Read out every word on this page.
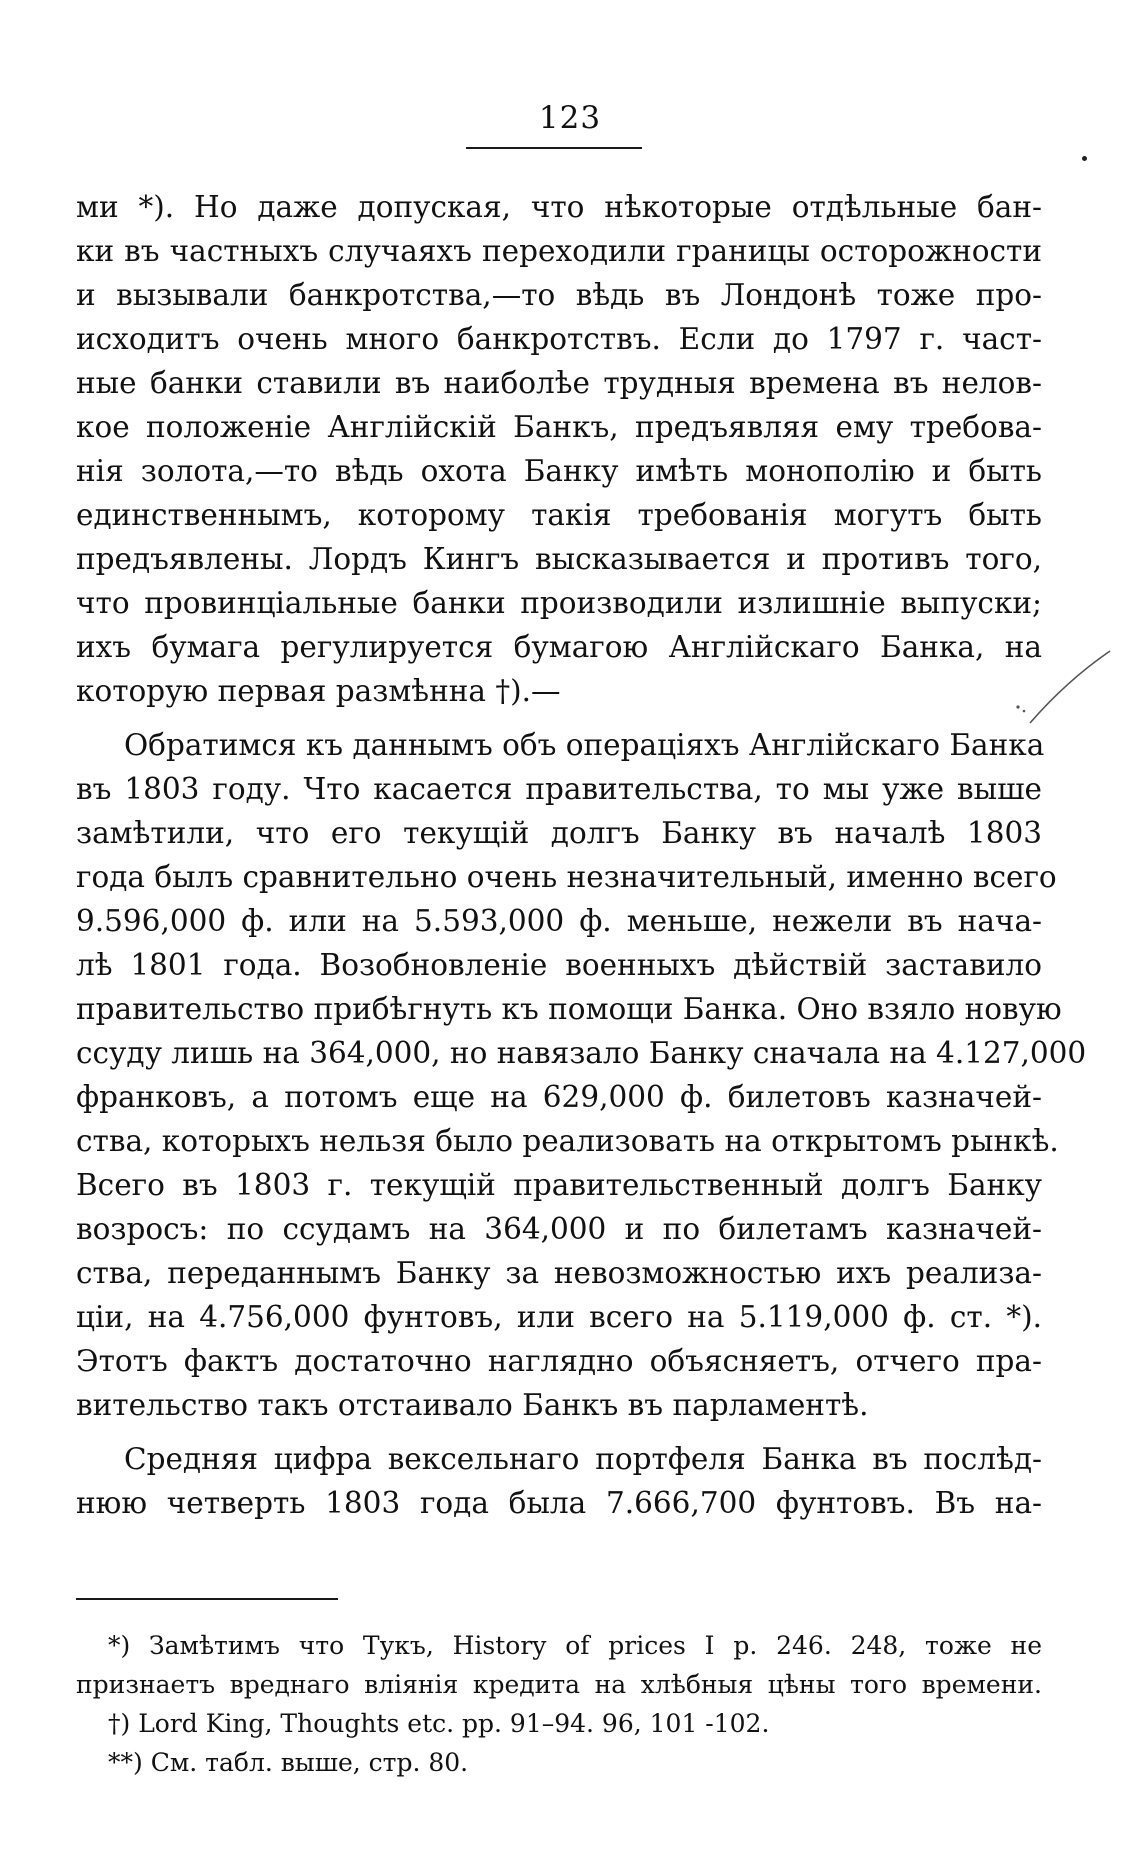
123
ми *). Но даже допуская, что нѣкоторые отдѣльные бан-
ки въ частныхъ случаяхъ переходили границы осторожности
и вызывали банкротства,—то вѣдь въ Лондонѣ тоже про-
исходитъ очень много банкротствъ. Если до 1797 г. част-
ные банки ставили въ наиболѣе трудныя времена въ нелов-
кое положеніе Англійскій Банкъ, предъявляя ему требова-
нія золота,—то вѣдь охота Банку имѣть монополію и быть
единственнымъ, которому такія требованія могутъ быть
предъявлены. Лордъ Кингъ высказывается и противъ того,
что провинціальные банки производили излишніе выпуски;
ихъ бумага регулируется бумагою Англійскаго Банка, на
которую первая размѣнна †).—
Обратимся къ даннымъ объ операціяхъ Англійскаго Банка
въ 1803 году. Что касается правительства, то мы уже выше
замѣтили, что его текущій долгъ Банку въ началѣ 1803
года былъ сравнительно очень незначительный, именно всего
9.596,000 ф. или на 5.593,000 ф. меньше, нежели въ нача-
лѣ 1801 года. Возобновленіе военныхъ дѣйствій заставило
правительство прибѣгнуть къ помощи Банка. Оно взяло новую
ссуду лишь на 364,000, но навязало Банку сначала на 4.127,000
франковъ, а потомъ еще на 629,000 ф. билетовъ казначей-
ства, которыхъ нельзя было реализовать на открытомъ рынкѣ.
Всего въ 1803 г. текущій правительственный долгъ Банку
возросъ: по ссудамъ на 364,000 и по билетамъ казначей-
ства, переданнымъ Банку за невозможностью ихъ реализа-
ціи, на 4.756,000 фунтовъ, или всего на 5.119,000 ф. ст. *).
Этотъ фактъ достаточно наглядно объясняетъ, отчего пра-
вительство такъ отстаивало Банкъ въ парламентѣ.
Средняя цифра вексельнаго портфеля Банка въ послѣд-
нюю четверть 1803 года была 7.666,700 фунтовъ. Въ на-
*) Замѣтимъ что Тукъ, History of prices I p. 246. 248, тоже не
признаетъ вреднаго вліянія кредита на хлѣбныя цѣны того времени.
†) Lord King, Thoughts etc. pp. 91–94. 96, 101 -102.
**) См. табл. выше, стр. 80.
